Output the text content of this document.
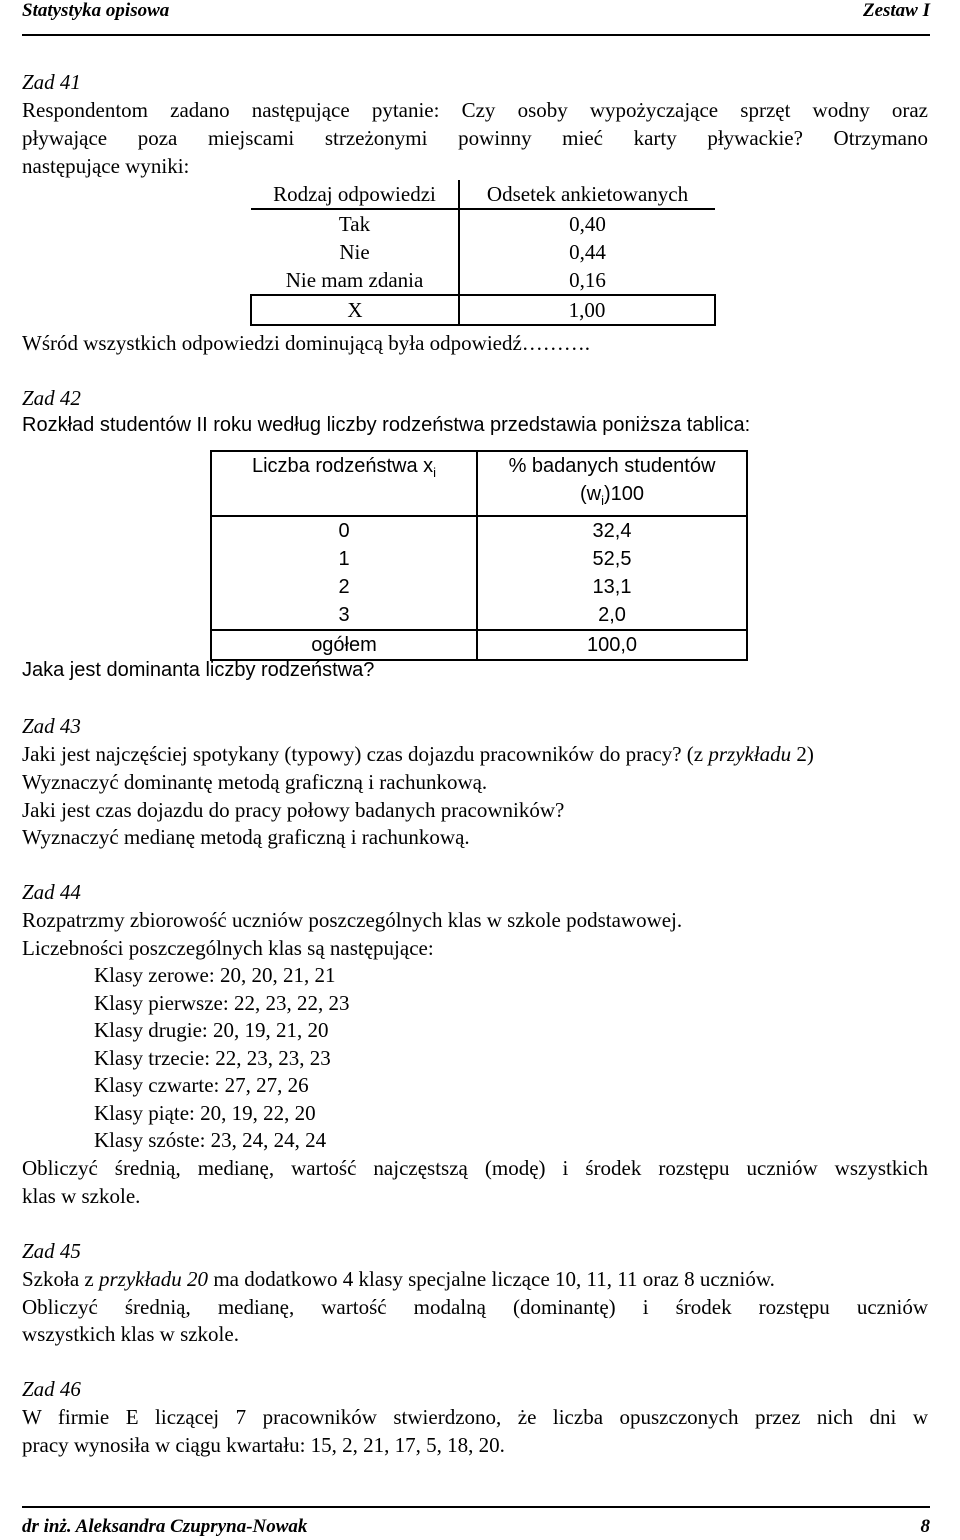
Statystyka opisowa	Zestaw I
Zad 41
Respondentom zadano następujące pytanie: Czy osoby wypożyczające sprzęt wodny oraz
pływające poza miejscami strzeżonymi powinny mieć karty pływackie? Otrzymano
następujące wyniki:
Rodzaj odpowiedzi	Odsetek ankietowanych
Tak	0,40
Nie	0,44
Nie mam zdania	0,16
X	1,00
Wśród wszystkich odpowiedzi dominującą była odpowiedź……….
Zad 42
Rozkład studentów II roku według liczby rodzeństwa przedstawia poniższa tablica:
Liczba rodzeństwa $x_i$	% badanych studentów
$(w_i)100$

0	32,4
1	52,5
2	13,1
3	2,0
ogółem	100,0
Jaka jest dominanta liczby rodzeństwa?
Zad 43
Jaki jest najczęściej spotykany (typowy) czas dojazdu pracowników do pracy? (z przykładu 2)
Wyznaczyć dominantę metodą graficzną i rachunkową.
Jaki jest czas dojazdu do pracy połowy badanych pracowników?
Wyznaczyć medianę metodą graficzną i rachunkową.
Zad 44
Rozpatrzmy zbiorowość uczniów poszczególnych klas w szkole podstawowej.
Liczebności poszczególnych klas są następujące:
Klasy zerowe: 20, 20, 21, 21
Klasy pierwsze: 22, 23, 22, 23
Klasy drugie: 20, 19, 21, 20
Klasy trzecie: 22, 23, 23, 23
Klasy czwarte: 27, 27, 26
Klasy piąte: 20, 19, 22, 20
Klasy szóste: 23, 24, 24, 24
Obliczyć średnią, medianę, wartość najczęstszą (modę) i środek rozstępu uczniów wszystkich
klas w szkole.
Zad 45
Szkoła z przykładu 20 ma dodatkowo 4 klasy specjalne liczące 10, 11, 11 oraz 8 uczniów.
Obliczyć średnią, medianę, wartość modalną (dominantę) i środek rozstępu uczniów
wszystkich klas w szkole.
Zad 46
W firmie E liczącej 7 pracowników stwierdzono, że liczba opuszczonych przez nich dni w
pracy wynosiła w ciągu kwartału: 15, 2, 21, 17, 5, 18, 20.
dr inż. Aleksandra Czupryna-Nowak	8
